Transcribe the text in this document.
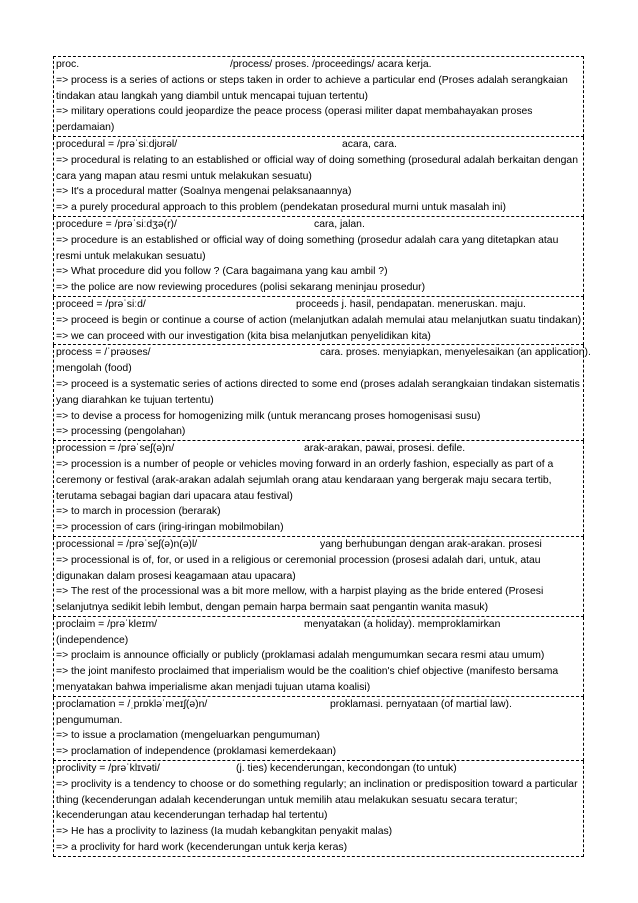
proc.	/process/ proses. /proceedings/ acara kerja.
=> process is a series of actions or steps taken in order to achieve a particular end (Proses adalah serangkaian tindakan atau langkah yang diambil untuk mencapai tujuan tertentu)
=> military operations could jeopardize the peace process (operasi militer dapat membahayakan proses perdamaian)
procedural = /prəˈsiːdjʊrəl/	acara, cara.
=> procedural is relating to an established or official way of doing something (prosedural adalah berkaitan dengan cara yang mapan atau resmi untuk melakukan sesuatu)
=> It's a procedural matter (Soalnya mengenai pelaksanaannya)
=> a purely procedural approach to this problem (pendekatan prosedural murni untuk masalah ini)
procedure = /prəˈsiːdʒə(r)/	cara, jalan.
=> procedure is an established or official way of doing something (prosedur adalah cara yang ditetapkan atau resmi untuk melakukan sesuatu)
=> What procedure did you follow ? (Cara bagaimana yang kau ambil ?)
=> the police are now reviewing procedures (polisi sekarang meninjau prosedur)
proceed = /prəˈsiːd/	proceeds j. hasil, pendapatan. meneruskan. maju.
=> proceed is begin or continue a course of action (melanjutkan adalah memulai atau melanjutkan suatu tindakan)
=> we can proceed with our investigation (kita bisa melanjutkan penyelidikan kita)
process = /ˈprəʊses/	cara. proses. menyiapkan, menyelesaikan (an application).
mengolah (food)
=> proceed is a systematic series of actions directed to some end (proses adalah serangkaian tindakan sistematis yang diarahkan ke tujuan tertentu)
=> to devise a process for homogenizing milk (untuk merancang proses homogenisasi susu)
=> processing (pengolahan)
procession = /prəˈseʃ(ə)n/	arak-arakan, pawai, prosesi. defile.
=> procession is a number of people or vehicles moving forward in an orderly fashion, especially as part of a ceremony or festival (arak-arakan adalah sejumlah orang atau kendaraan yang bergerak maju secara tertib, terutama sebagai bagian dari upacara atau festival)
=> to march in procession (berarak)
=> procession of cars (iring-iringan mobilmobilan)
processional = /prəˈseʃ(ə)n(ə)l/	yang berhubungan dengan arak-arakan. prosesi
=> processional is of, for, or used in a religious or ceremonial procession (prosesi adalah dari, untuk, atau digunakan dalam prosesi keagamaan atau upacara)
=> The rest of the processional was a bit more mellow, with a harpist playing as the bride entered (Prosesi selanjutnya sedikit lebih lembut, dengan pemain harpa bermain saat pengantin wanita masuk)
proclaim = /prəˈkleɪm/	menyatakan (a holiday). memproklamirkan
(independence)
=> proclaim is announce officially or publicly (proklamasi adalah mengumumkan secara resmi atau umum)
=> the joint manifesto proclaimed that imperialism would be the coalition's chief objective (manifesto bersama menyatakan bahwa imperialisme akan menjadi tujuan utama koalisi)
proclamation = /ˌprɒkləˈmeɪʃ(ə)n/	proklamasi. pernyataan (of martial law).
pengumuman.
=> to issue a proclamation (mengeluarkan pengumuman)
=> proclamation of independence (proklamasi kemerdekaan)
proclivity = /prəˈklɪvəti/	(j. ties) kecenderungan, kecondongan (to untuk)
=> proclivity is a tendency to choose or do something regularly; an inclination or predisposition toward a particular thing (kecenderungan adalah kecenderungan untuk memilih atau melakukan sesuatu secara teratur; kecenderungan atau kecenderungan terhadap hal tertentu)
=> He has a proclivity to laziness (Ia mudah kebangkitan penyakit malas)
=> a proclivity for hard work (kecenderungan untuk kerja keras)
